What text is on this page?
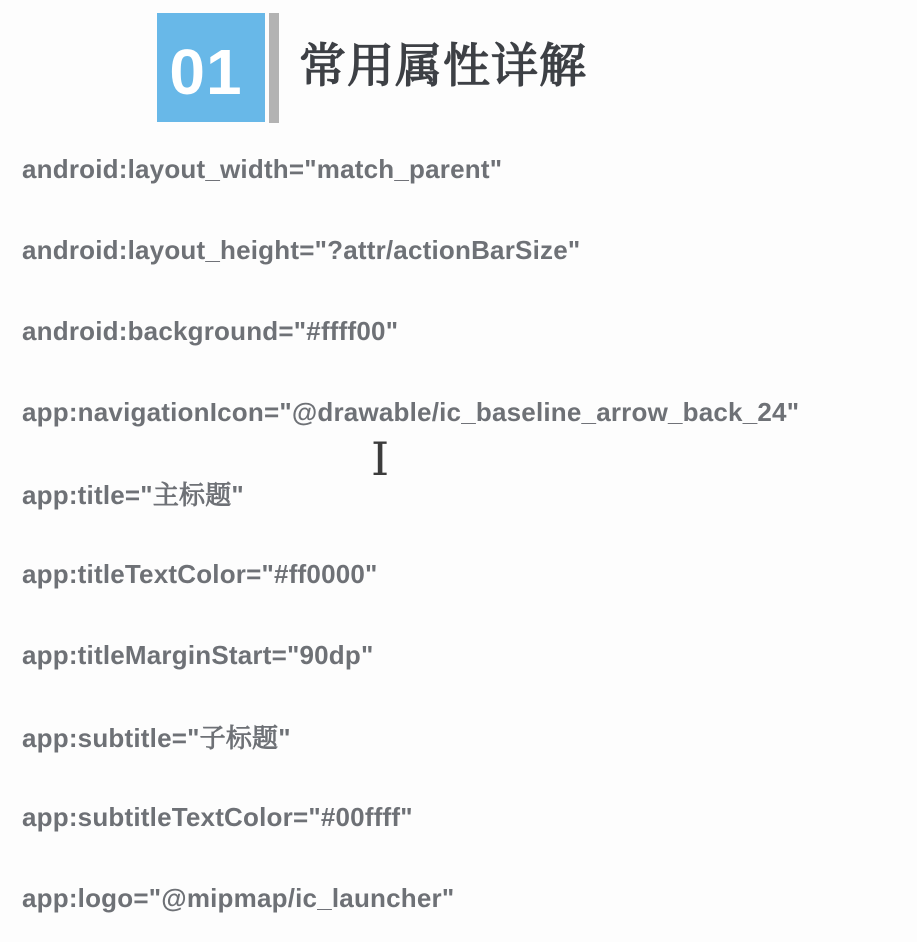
01 常用属性详解
android:layout_width="match_parent"
android:layout_height="?attr/actionBarSize"
android:background="#ffff00"
app:navigationIcon="@drawable/ic_baseline_arrow_back_24"
app:title="主标题"
app:titleTextColor="#ff0000"
app:titleMarginStart="90dp"
app:subtitle="子标题"
app:subtitleTextColor="#00ffff"
app:logo="@mipmap/ic_launcher"
I
